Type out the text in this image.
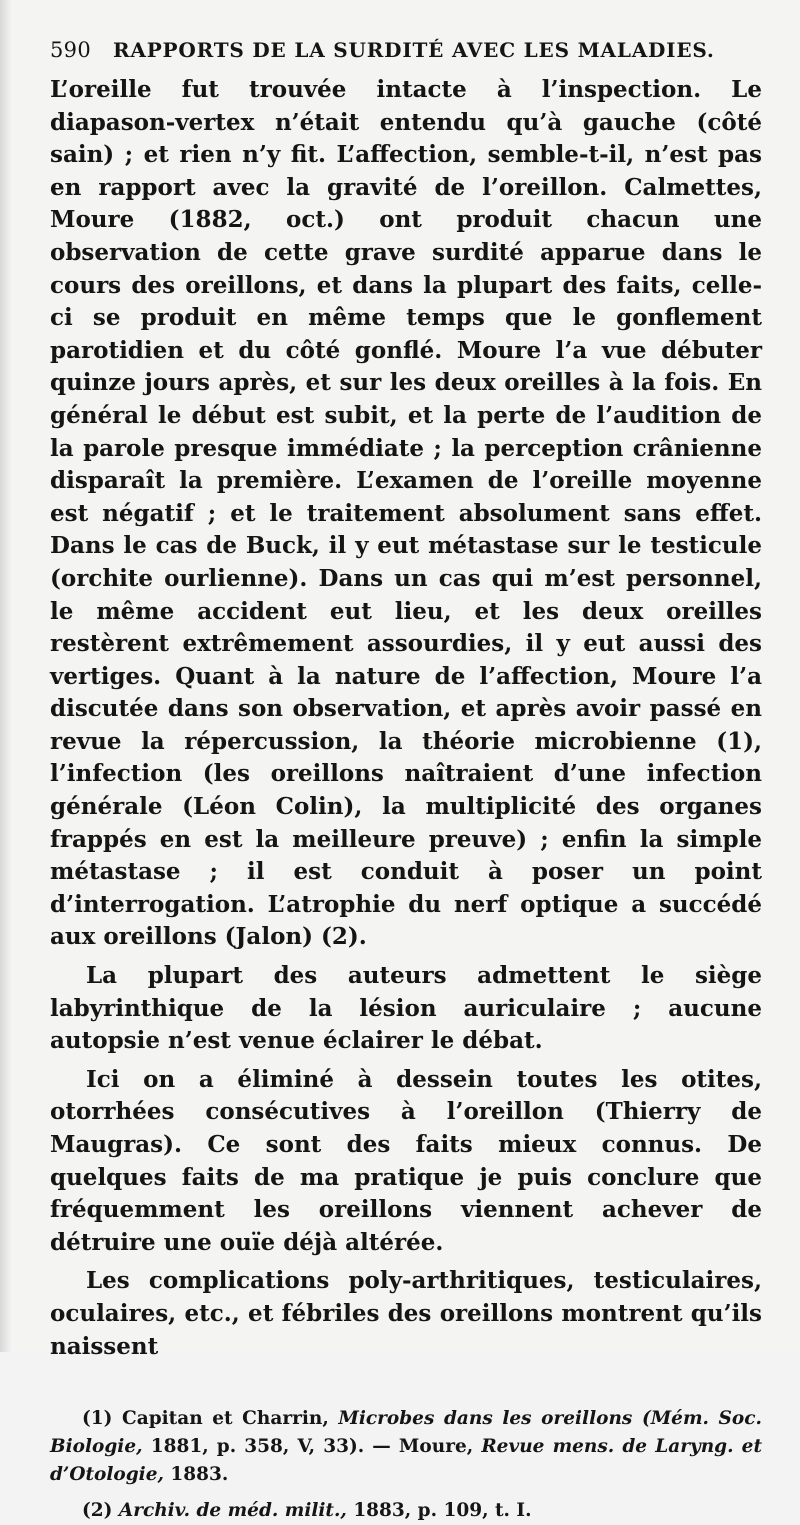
590 RAPPORTS DE LA SURDITÉ AVEC LES MALADIES.

L’oreille fut trouvée intacte à l’inspection. Le diapason-vertex n’était entendu qu’à gauche (côté sain) ; et rien n’y fit. L’affection, semble-t-il, n’est pas en rapport avec la gravité de l’oreillon. Calmettes, Moure (1882, oct.) ont produit chacun une observation de cette grave surdité apparue dans le cours des oreillons, et dans la plupart des faits, celle-ci se produit en même temps que le gonflement parotidien et du côté gonflé. Moure l’a vue débuter quinze jours après, et sur les deux oreilles à la fois. En général le début est subit, et la perte de l’audition de la parole presque immédiate ; la perception crânienne disparaît la première. L’examen de l’oreille moyenne est négatif ; et le traitement absolument sans effet. Dans le cas de Buck, il y eut métastase sur le testicule (orchite ourlienne). Dans un cas qui m’est personnel, le même accident eut lieu, et les deux oreilles restèrent extrêmement assourdies, il y eut aussi des vertiges. Quant à la nature de l’affection, Moure l’a discutée dans son observation, et après avoir passé en revue la répercussion, la théorie microbienne (1), l’infection (les oreillons naîtraient d’une infection générale (Léon Colin), la multiplicité des organes frappés en est la meilleure preuve) ; enfin la simple métastase ; il est conduit à poser un point d’interrogation. L’atrophie du nerf optique a succédé aux oreillons (Jalon) (2).

La plupart des auteurs admettent le siège labyrinthique de la lésion auriculaire ; aucune autopsie n’est venue éclairer le débat.

Ici on a éliminé à dessein toutes les otites, otorrhées consécutives à l’oreillon (Thierry de Maugras). Ce sont des faits mieux connus. De quelques faits de ma pratique je puis conclure que fréquemment les oreillons viennent achever de détruire une ouïe déjà altérée.

Les complications poly-arthritiques, testiculaires, oculaires, etc., et fébriles des oreillons montrent qu’ils naissent

(1) Capitan et Charrin, Microbes dans les oreillons (Mém. Soc. Biologie, 1881, p. 358, V, 33). — Moure, Revue mens. de Laryng. et d’Otologie, 1883.

(2) Archiv. de méd. milit., 1883, p. 109, t. I.
